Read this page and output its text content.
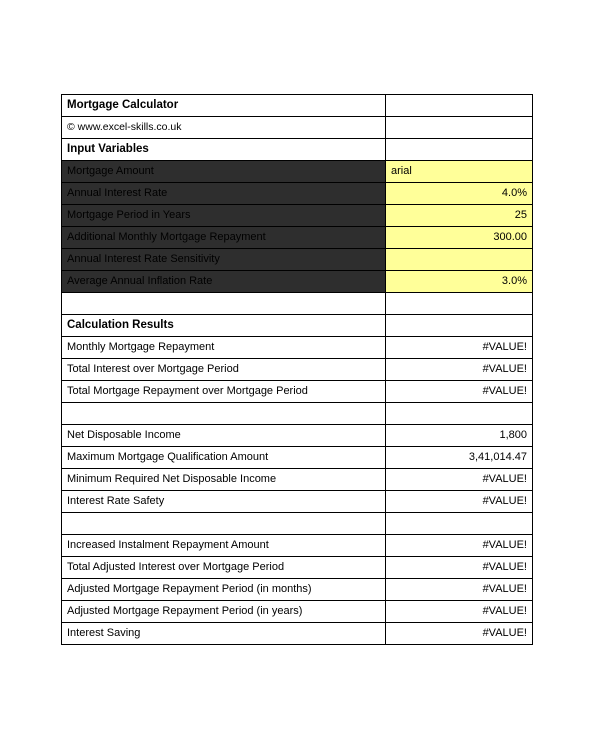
Mortgage Calculator	
© www.excel-skills.co.uk	
Input Variables	
Mortgage Amount	arial
Annual Interest Rate	4.0%
Mortgage Period in Years	25
Additional Monthly Mortgage Repayment	300.00
Annual Interest Rate Sensitivity	
Average Annual Inflation Rate	3.0%

Calculation Results	
Monthly Mortgage Repayment	#VALUE!
Total Interest over Mortgage Period	#VALUE!
Total Mortgage Repayment over Mortgage Period	#VALUE!

Net Disposable Income	1,800
Maximum Mortgage Qualification Amount	3,41,014.47
Minimum Required Net Disposable Income	#VALUE!
Interest Rate Safety	#VALUE!

Increased Instalment Repayment Amount	#VALUE!
Total Adjusted Interest over Mortgage Period	#VALUE!
Adjusted Mortgage Repayment Period (in months)	#VALUE!
Adjusted Mortgage Repayment Period (in years)	#VALUE!
Interest Saving	#VALUE!
